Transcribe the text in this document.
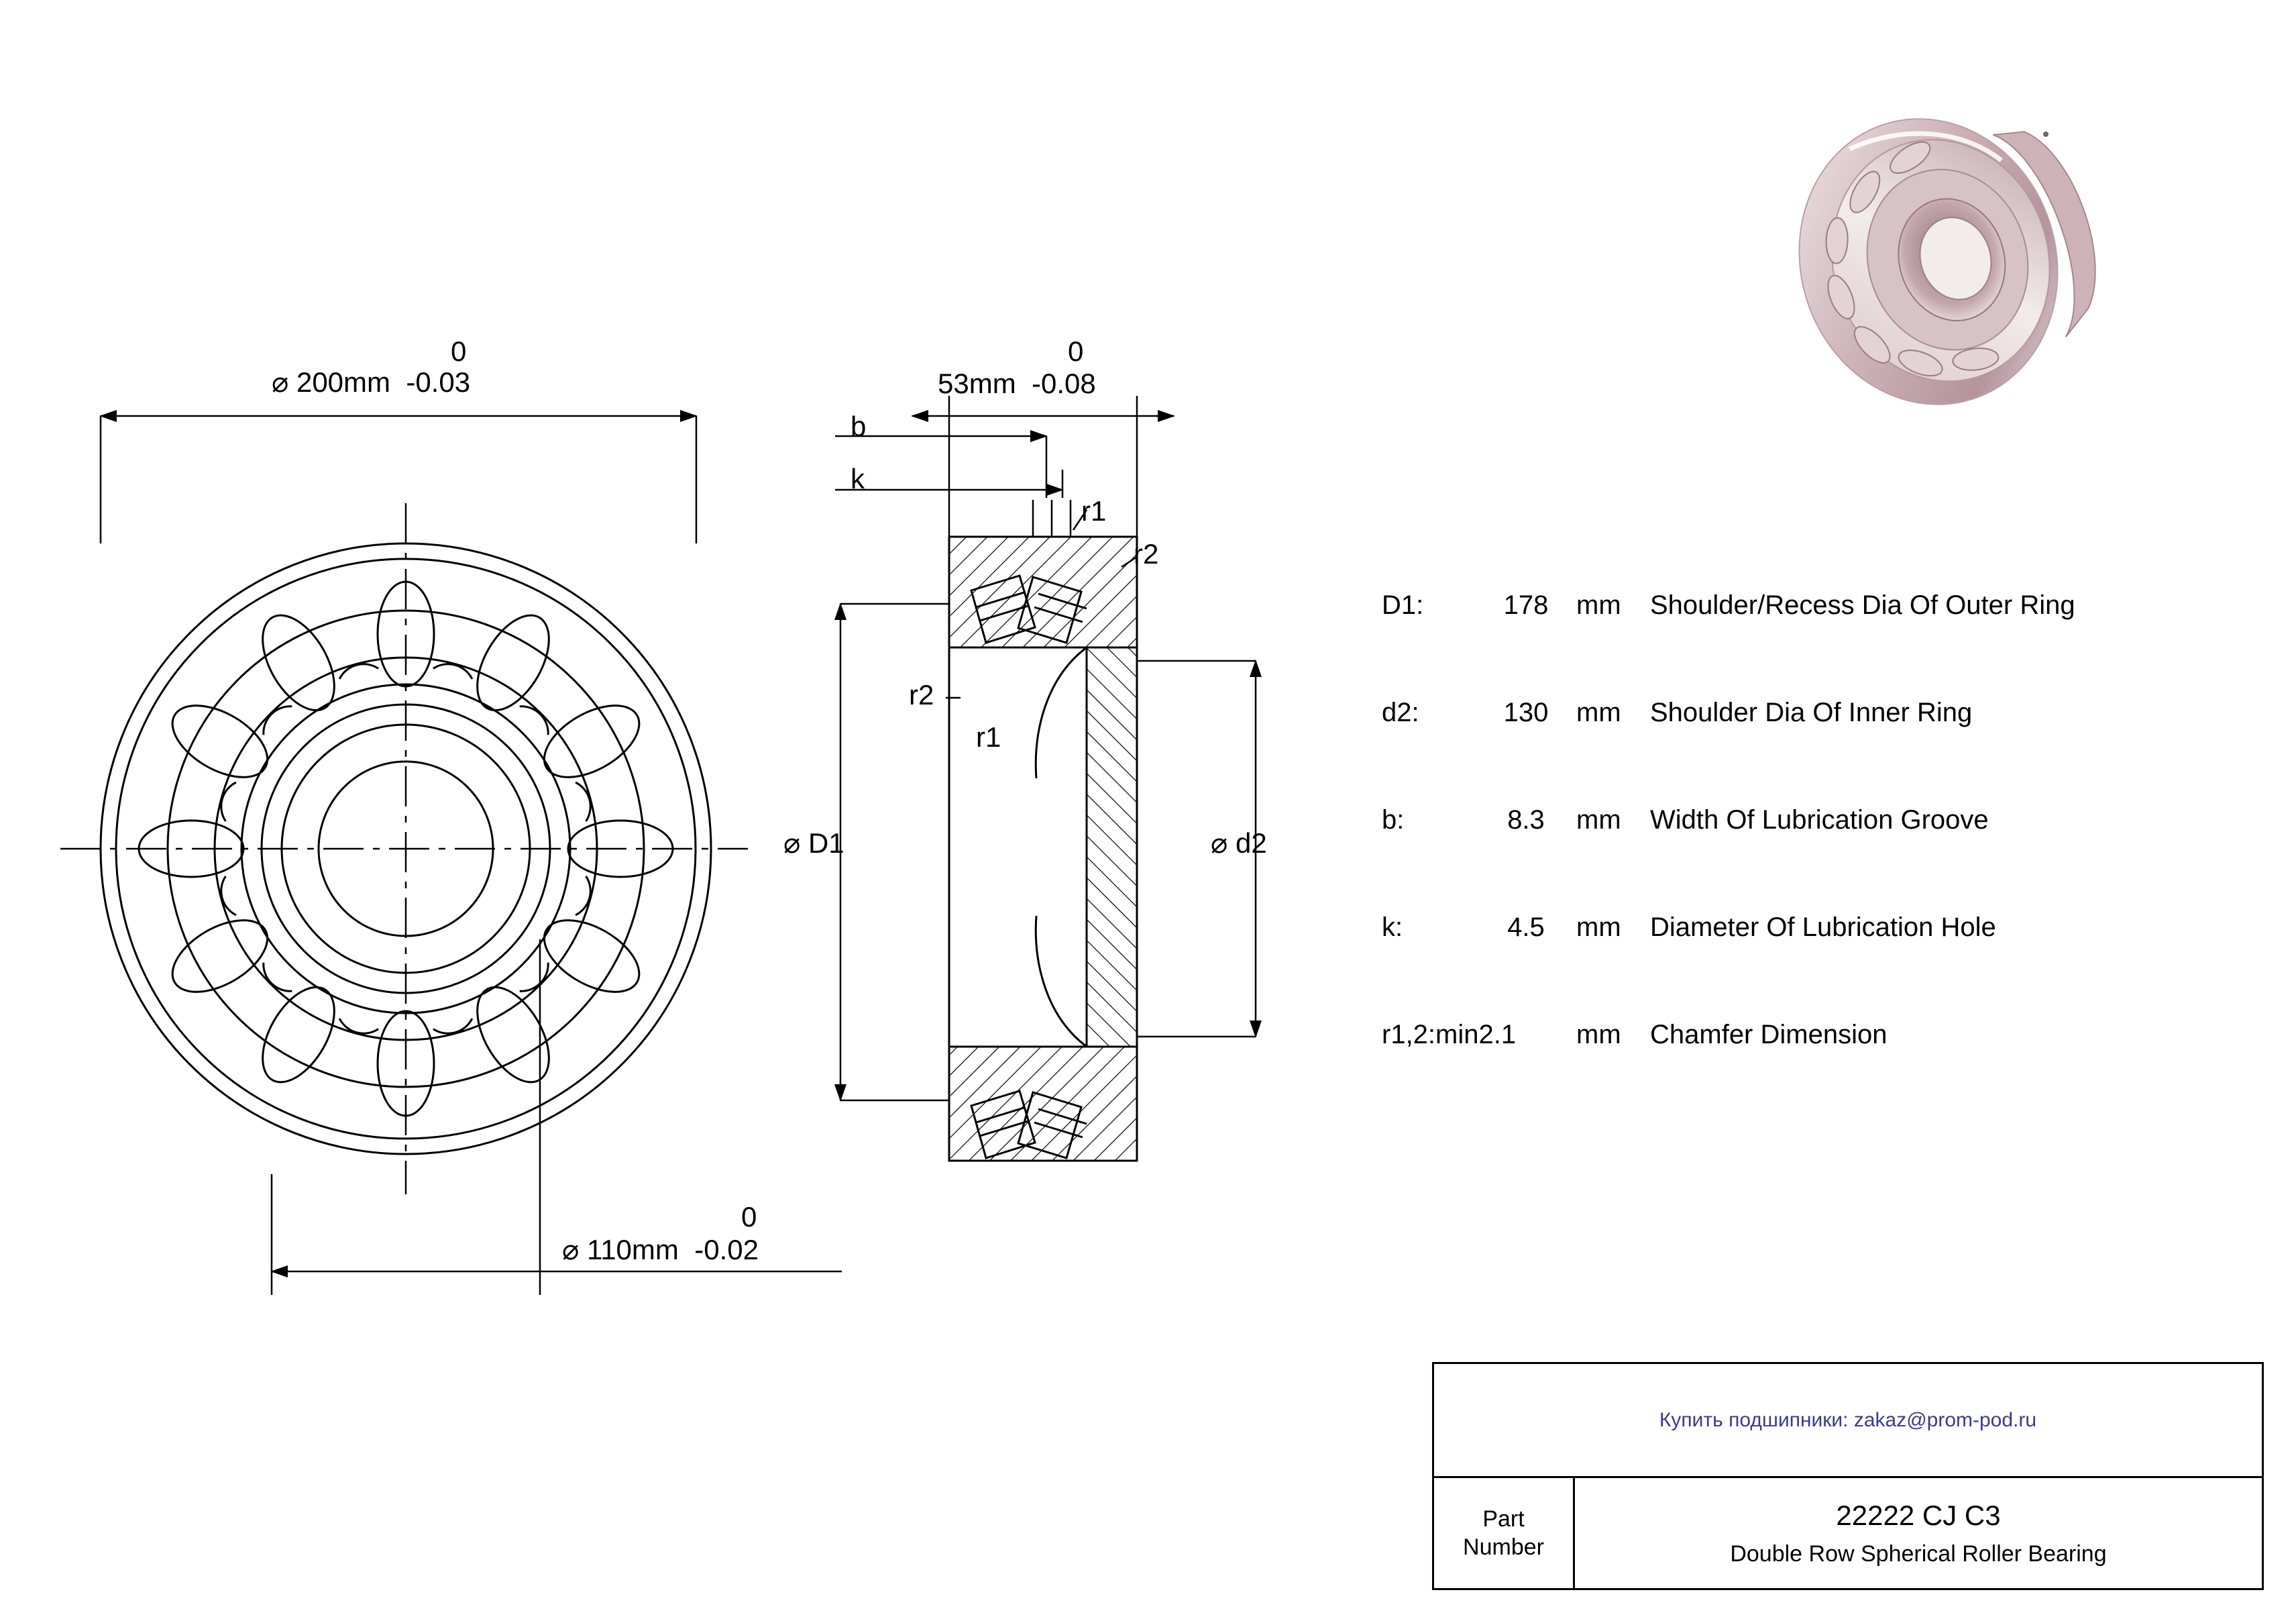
0
⌀ 200mm  -0.03
0
⌀ 110mm  -0.02
0
53mm  -0.08
b
k
r1
r2
r2
r1
⌀ D1	⌀ d2
D1:	178	mm	Shoulder/Recess Dia Of Outer Ring
d2:	130	mm	Shoulder Dia Of Inner Ring
b:	8.3	mm	Width Of Lubrication Groove
k:	4.5	mm	Diameter Of Lubrication Hole
r1,2:min2.1	mm	Chamfer Dimension
Купить подшипники: zakaz@prom-pod.ru
Part
Number
22222 CJ C3
Double Row Spherical Roller Bearing
